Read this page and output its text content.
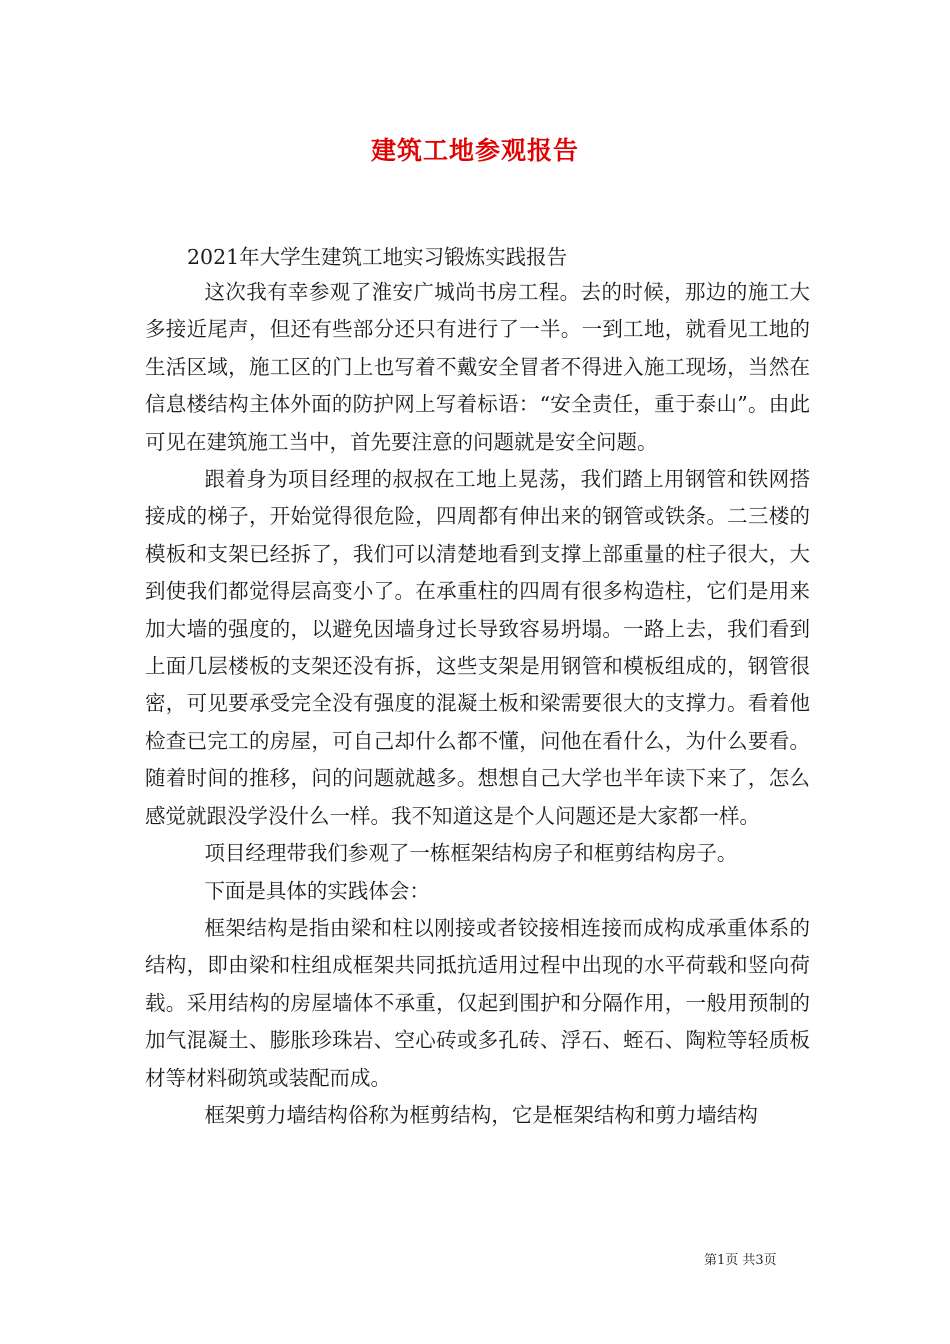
建筑工地参观报告
2021年大学生建筑工地实习锻炼实践报告

这次我有幸参观了淮安广城尚书房工程。去的时候，那边的施工大多接近尾声，但还有些部分还只有进行了一半。一到工地，就看见工地的生活区域，施工区的门上也写着不戴安全冒者不得进入施工现场，当然在信息楼结构主体外面的防护网上写着标语：“安全责任，重于泰山”。由此可见在建筑施工当中，首先要注意的问题就是安全问题。

跟着身为项目经理的叔叔在工地上晃荡，我们踏上用钢管和铁网搭接成的梯子，开始觉得很危险，四周都有伸出来的钢管或铁条。二三楼的模板和支架已经拆了，我们可以清楚地看到支撑上部重量的柱子很大，大到使我们都觉得层高变小了。在承重柱的四周有很多构造柱，它们是用来加大墙的强度的，以避免因墙身过长导致容易坍塌。一路上去，我们看到上面几层楼板的支架还没有拆，这些支架是用钢管和模板组成的，钢管很密，可见要承受完全没有强度的混凝土板和梁需要很大的支撑力。看着他检查已完工的房屋，可自己却什么都不懂，问他在看什么，为什么要看。随着时间的推移，问的问题就越多。想想自己大学也半年读下来了，怎么感觉就跟没学没什么一样。我不知道这是个人问题还是大家都一样。

项目经理带我们参观了一栋框架结构房子和框剪结构房子。

下面是具体的实践体会：

框架结构是指由梁和柱以刚接或者铰接相连接而成构成承重体系的结构，即由梁和柱组成框架共同抵抗适用过程中出现的水平荷载和竖向荷载。采用结构的房屋墙体不承重，仅起到围护和分隔作用，一般用预制的加气混凝土、膨胀珍珠岩、空心砖或多孔砖、浮石、蛭石、陶粒等轻质板材等材料砌筑或装配而成。

框架剪力墙结构俗称为框剪结构，它是框架结构和剪力墙结构

第1页 共3页
